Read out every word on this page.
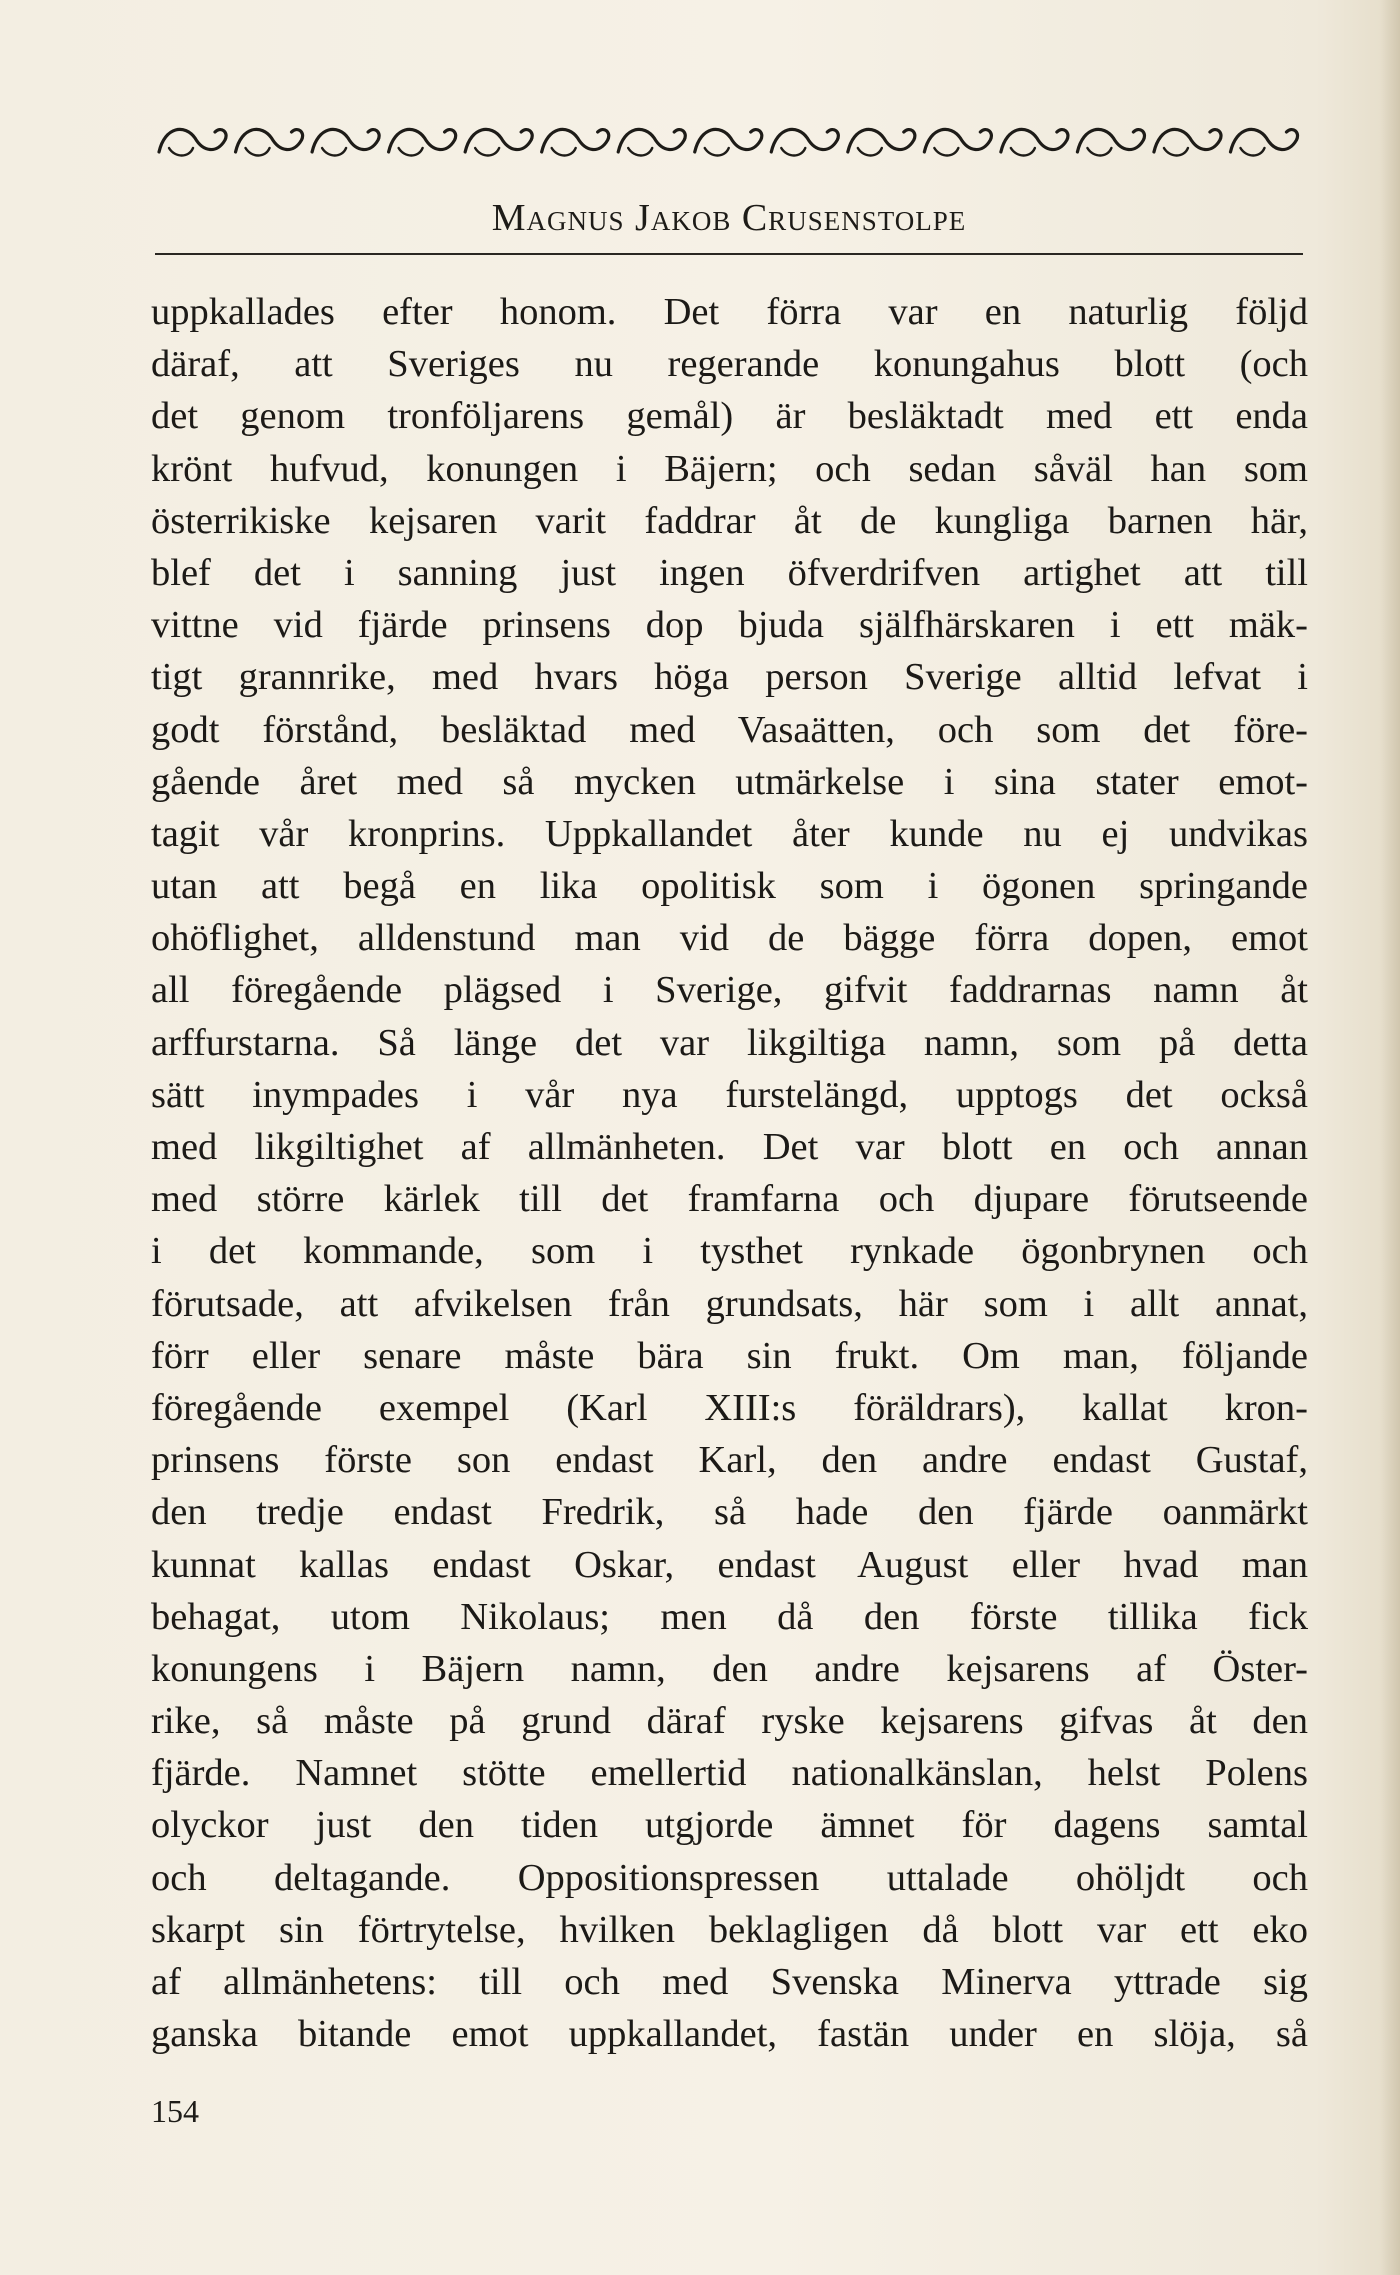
Magnus Jakob Crusenstolpe
uppkallades efter honom. Det förra var en naturlig följd
däraf, att Sveriges nu regerande konungahus blott (och
det genom tronföljarens gemål) är besläktadt med ett enda
krönt hufvud, konungen i Bäjern; och sedan såväl han som
österrikiske kejsaren varit faddrar åt de kungliga barnen här,
blef det i sanning just ingen öfverdrifven artighet att till
vittne vid fjärde prinsens dop bjuda själfhärskaren i ett mäk-
tigt grannrike, med hvars höga person Sverige alltid lefvat i
godt förstånd, besläktad med Vasaätten, och som det före-
gående året med så mycken utmärkelse i sina stater emot-
tagit vår kronprins. Uppkallandet åter kunde nu ej undvikas
utan att begå en lika opolitisk som i ögonen springande
ohöflighet, alldenstund man vid de bägge förra dopen, emot
all föregående plägsed i Sverige, gifvit faddrarnas namn åt
arffurstarna. Så länge det var likgiltiga namn, som på detta
sätt inympades i vår nya furstelängd, upptogs det också
med likgiltighet af allmänheten. Det var blott en och annan
med större kärlek till det framfarna och djupare förutseende
i det kommande, som i tysthet rynkade ögonbrynen och
förutsade, att afvikelsen från grundsats, här som i allt annat,
förr eller senare måste bära sin frukt. Om man, följande
föregående exempel (Karl XIII:s föräldrars), kallat kron-
prinsens förste son endast Karl, den andre endast Gustaf,
den tredje endast Fredrik, så hade den fjärde oanmärkt
kunnat kallas endast Oskar, endast August eller hvad man
behagat, utom Nikolaus; men då den förste tillika fick
konungens i Bäjern namn, den andre kejsarens af Öster-
rike, så måste på grund däraf ryske kejsarens gifvas åt den
fjärde. Namnet stötte emellertid nationalkänslan, helst Polens
olyckor just den tiden utgjorde ämnet för dagens samtal
och deltagande. Oppositionspressen uttalade ohöljdt och
skarpt sin förtrytelse, hvilken beklagligen då blott var ett eko
af allmänhetens: till och med Svenska Minerva yttrade sig
ganska bitande emot uppkallandet, fastän under en slöja, så
154
